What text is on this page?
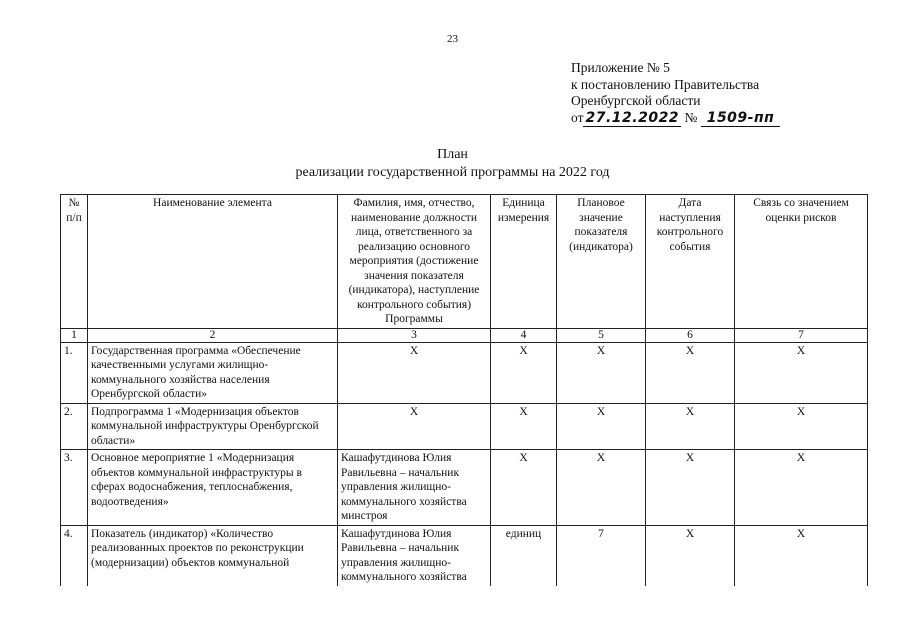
23
Приложение № 5
к постановлению Правительства
Оренбургской области
от 27.12.2022 № 1509-пп
План
реализации государственной программы на 2022 год
№ п/п	Наименование элемента	Фамилия, имя, отчество, наименование должности лица, ответственного за реализацию основного мероприятия (достижение значения показателя (индикатора), наступление контрольного события) Программы	Единица измерения	Плановое значение показателя (индикатора)	Дата наступления контрольного события	Связь со значением оценки рисков
1	2	3	4	5	6	7
1.	Государственная программа «Обеспечение качественными услугами жилищно-коммунального хозяйства населения Оренбургской области»	X	X	X	X	X
2.	Подпрограмма 1 «Модернизация объектов коммунальной инфраструктуры Оренбургской области»	X	X	X	X	X
3.	Основное мероприятие 1 «Модернизация объектов коммунальной инфраструктуры в сферах водоснабжения, теплоснабжения, водоотведения»	Кашафутдинова Юлия Равильевна – начальник управления жилищно-коммунального хозяйства минстроя	X	X	X	X
4.	Показатель (индикатор) «Количество реализованных проектов по реконструкции (модернизации) объектов коммунальной	Кашафутдинова Юлия Равильевна – начальник управления жилищно-коммунального хозяйства	единиц	7	X	X
